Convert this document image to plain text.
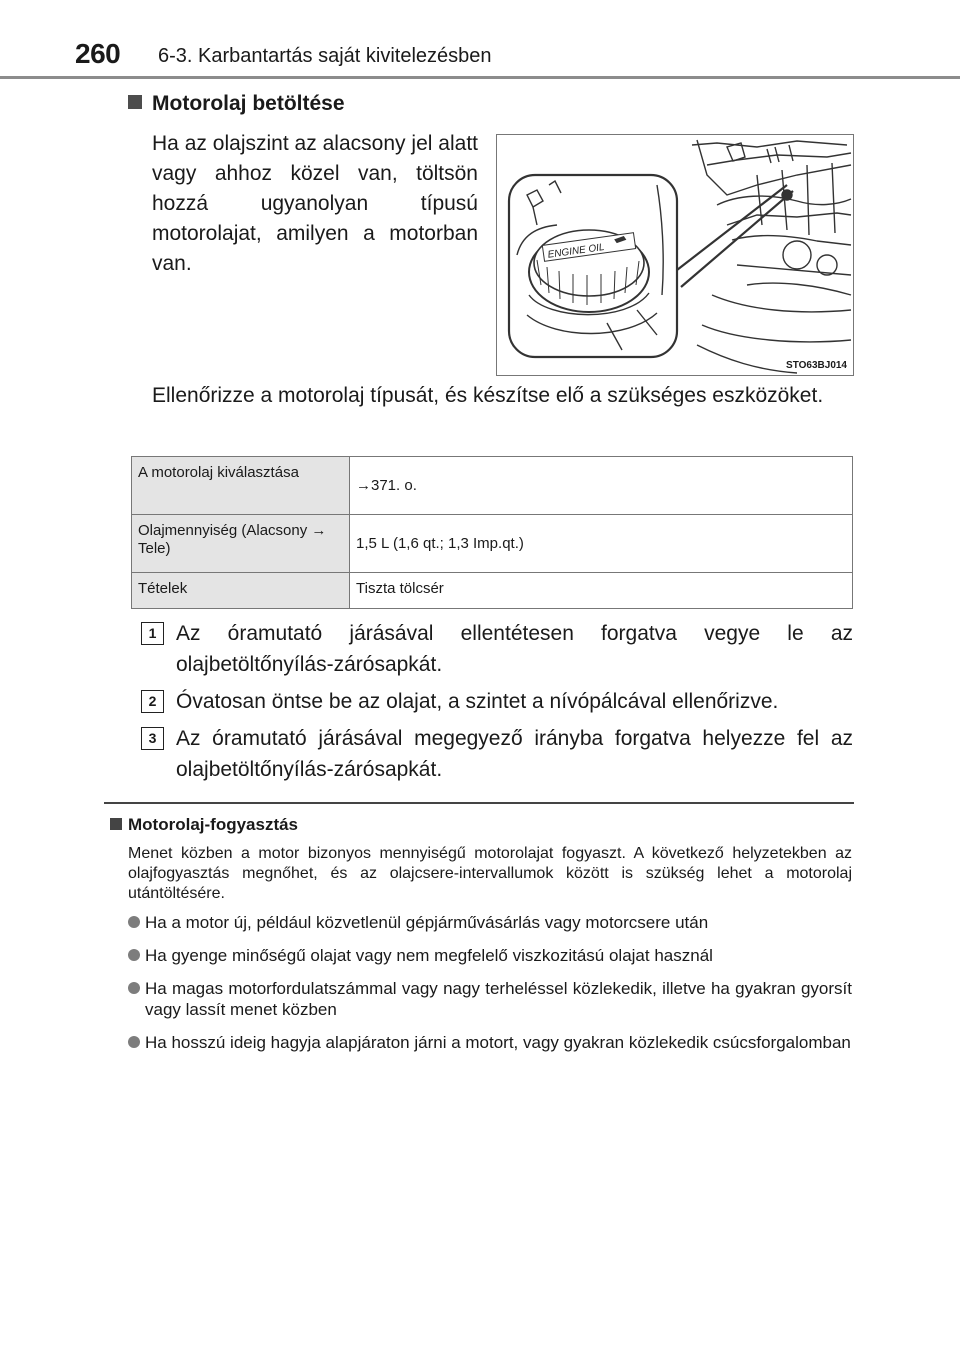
260 6-3. Karbantartás saját kivitelezésben
Motorolaj betöltése
Ha az olajszint az alacsony jel alatt vagy ahhoz közel van, töltsön hozzá ugyanolyan típusú motorolajat, amilyen a motorban van.
ENGINE OIL
STO63BJ014
Ellenőrizze a motorolaj típusát, és készítse elő a szükséges eszközöket.
A motorolaj kiválasztása	→371. o.
Olajmennyiség (Alacsony → Tele)	1,5 L (1,6 qt.; 1,3 Imp.qt.)
Tételek	Tiszta tölcsér
1 Az óramutató járásával ellentétesen forgatva vegye le az olajbetöltőnyílás-zárósapkát.
2 Óvatosan öntse be az olajat, a szintet a nívópálcával ellenőrizve.
3 Az óramutató járásával megegyező irányba forgatva helyezze fel az olajbetöltőnyílás-zárósapkát.
Motorolaj-fogyasztás
Menet közben a motor bizonyos mennyiségű motorolajat fogyaszt. A következő helyzetekben az olajfogyasztás megnőhet, és az olajcsere-intervallumok között is szükség lehet a motorolaj utántöltésére.
Ha a motor új, például közvetlenül gépjárművásárlás vagy motorcsere után
Ha gyenge minőségű olajat vagy nem megfelelő viszkozitású olajat használ
Ha magas motorfordulatszámmal vagy nagy terheléssel közlekedik, illetve ha gyakran gyorsít vagy lassít menet közben
Ha hosszú ideig hagyja alapjáraton járni a motort, vagy gyakran közlekedik csúcsforgalomban
